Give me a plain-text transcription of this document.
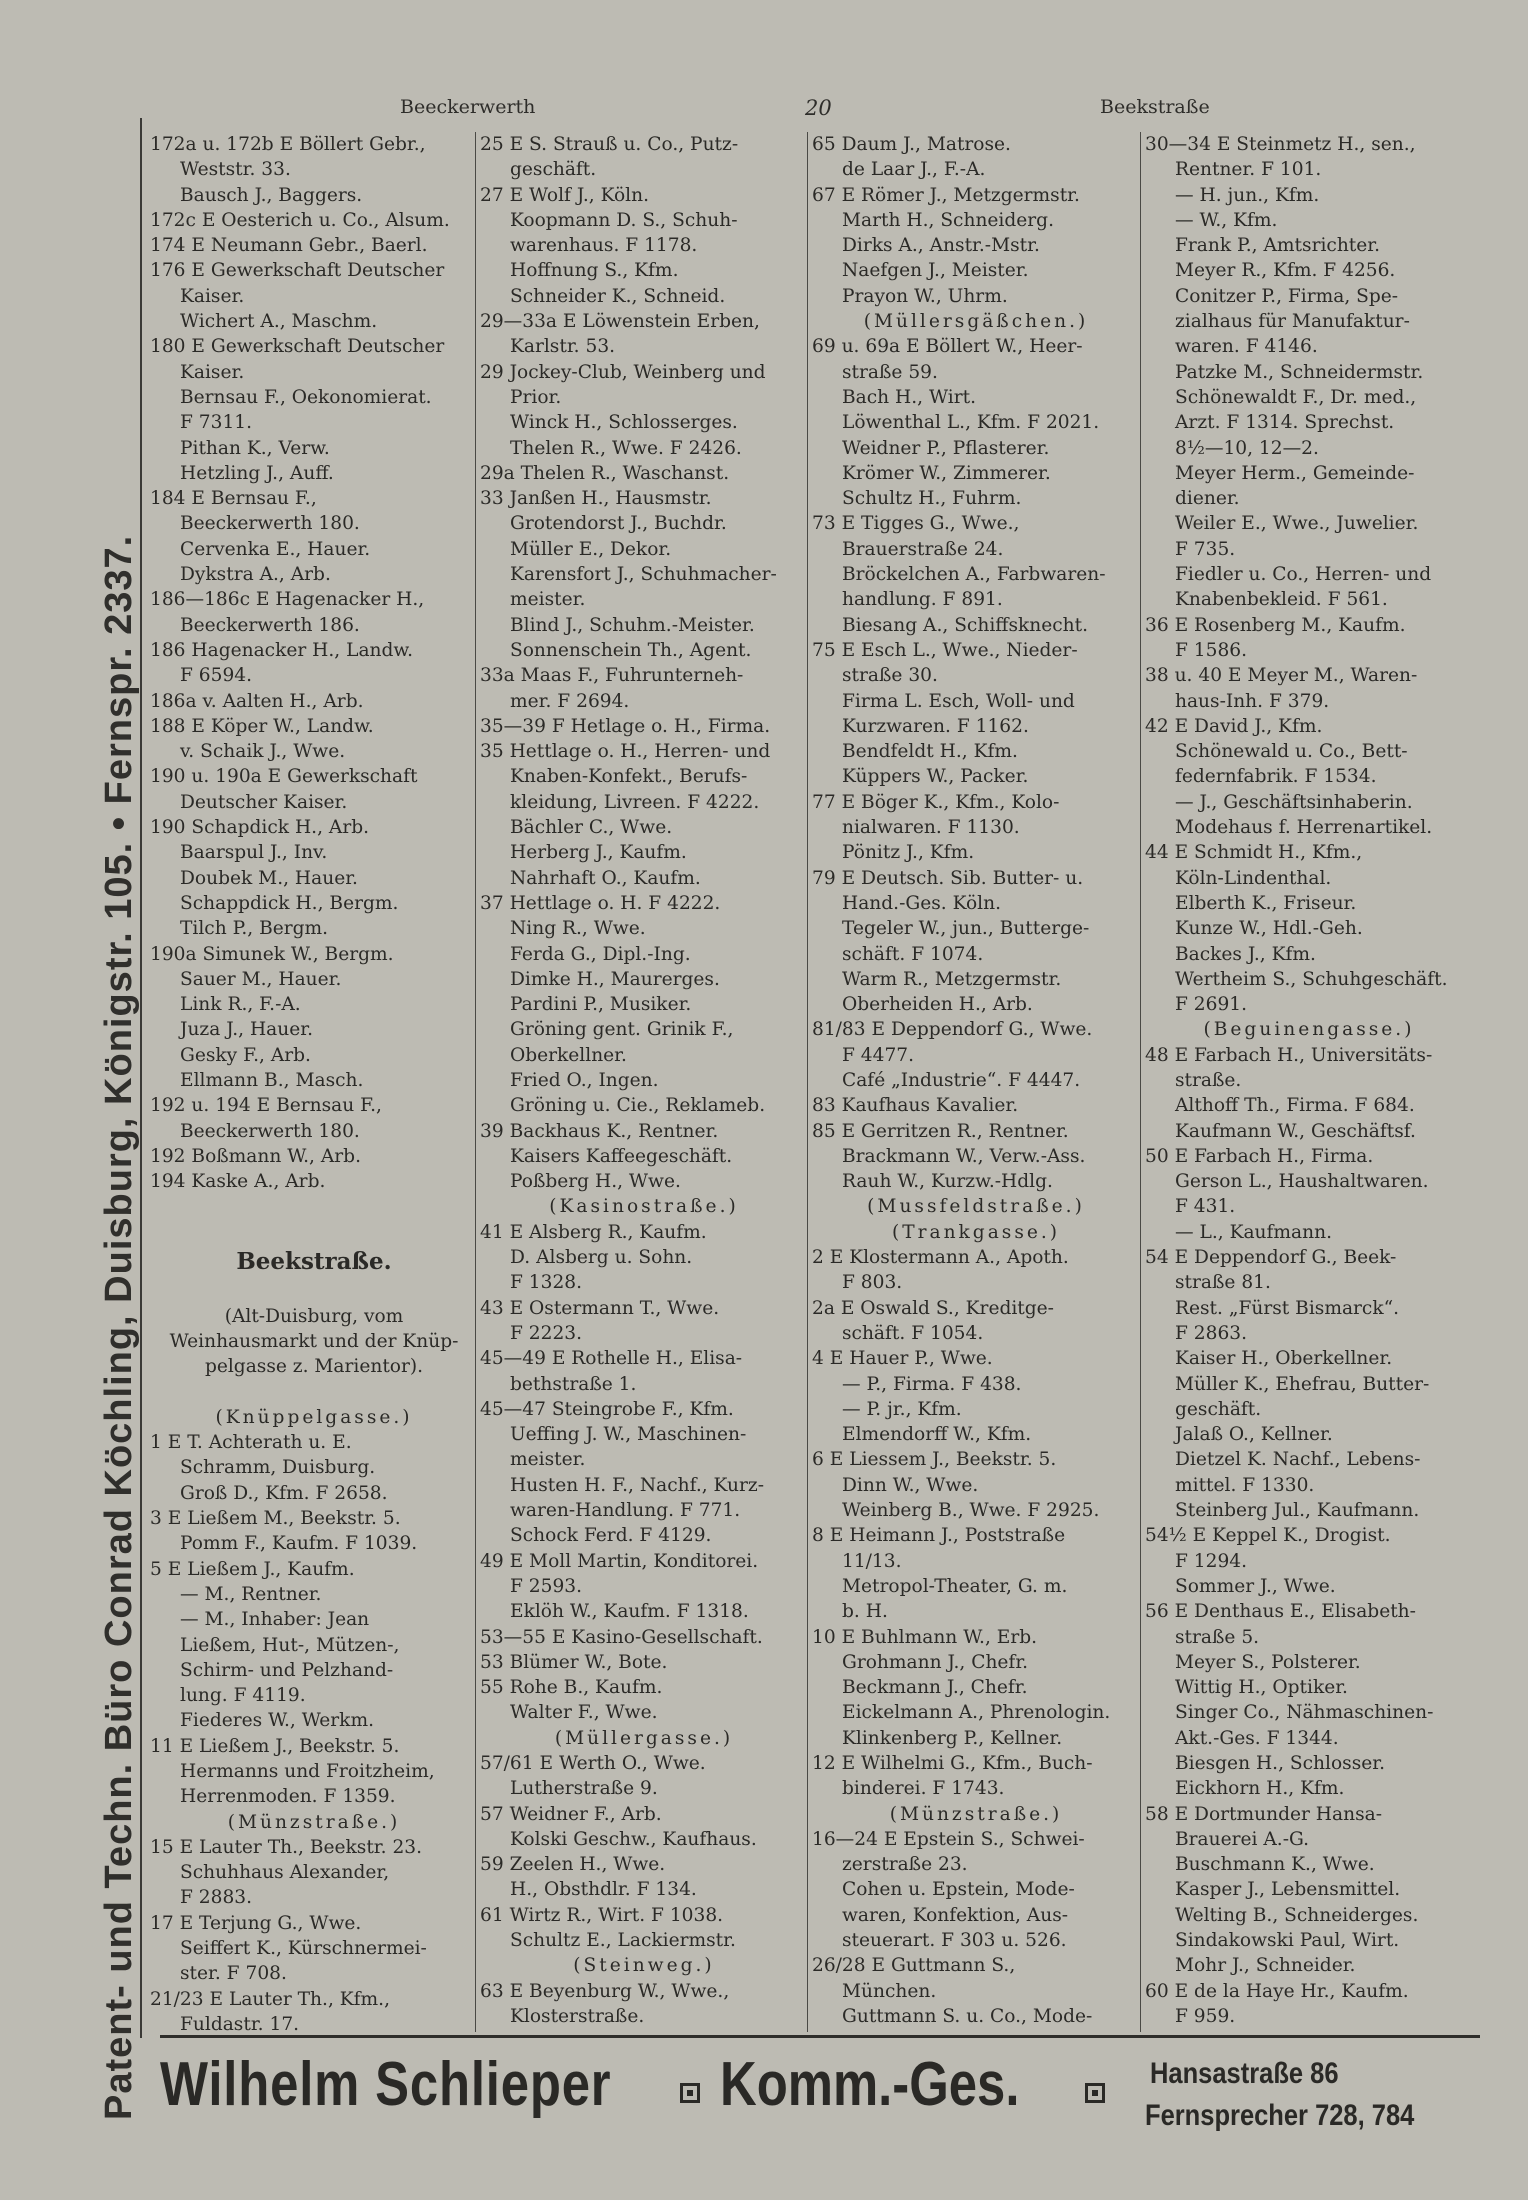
Patent- und Techn. Büro Conrad Köchling, Duisburg, Königstr. 105. • Fernspr. 2337.
Beeckerwerth	20	Beekstraße
172a u. 172b E Böllert Gebr.,
Weststr. 33.
Bausch J., Baggers.
172c E Oesterich u. Co., Alsum.
174 E Neumann Gebr., Baerl.
176 E Gewerkschaft Deutscher
Kaiser.
Wichert A., Maschm.
180 E Gewerkschaft Deutscher
Kaiser.
Bernsau F., Oekonomierat.
F 7311.
Pithan K., Verw.
Hetzling J., Auff.
184 E Bernsau F.,
Beeckerwerth 180.
Cervenka E., Hauer.
Dykstra A., Arb.
186—186c E Hagenacker H.,
Beeckerwerth 186.
186 Hagenacker H., Landw.
F 6594.
186a v. Aalten H., Arb.
188 E Köper W., Landw.
v. Schaik J., Wwe.
190 u. 190a E Gewerkschaft
Deutscher Kaiser.
190 Schapdick H., Arb.
Baarspul J., Inv.
Doubek M., Hauer.
Schappdick H., Bergm.
Tilch P., Bergm.
190a Simunek W., Bergm.
Sauer M., Hauer.
Link R., F.-A.
Juza J., Hauer.
Gesky F., Arb.
Ellmann B., Masch.
192 u. 194 E Bernsau F.,
Beeckerwerth 180.
192 Boßmann W., Arb.
194 Kaske A., Arb.
Beekstraße.
(Alt-Duisburg, vom
Weinhausmarkt und der Knüp-
pelgasse z. Marientor).
(Knüppelgasse.)
1 E T. Achterath u. E.
Schramm, Duisburg.
Groß D., Kfm. F 2658.
3 E Ließem M., Beekstr. 5.
Pomm F., Kaufm. F 1039.
5 E Ließem J., Kaufm.
— M., Rentner.
— M., Inhaber: Jean
Ließem, Hut-, Mützen-,
Schirm- und Pelzhand-
lung. F 4119.
Fiederes W., Werkm.
11 E Ließem J., Beekstr. 5.
Hermanns und Froitzheim,
Herrenmoden. F 1359.
(Münzstraße.)
15 E Lauter Th., Beekstr. 23.
Schuhhaus Alexander,
F 2883.
17 E Terjung G., Wwe.
Seiffert K., Kürschnermei-
ster. F 708.
21/23 E Lauter Th., Kfm.,
Fuldastr. 17.
25 E S. Strauß u. Co., Putz-
geschäft.
27 E Wolf J., Köln.
Koopmann D. S., Schuh-
warenhaus. F 1178.
Hoffnung S., Kfm.
Schneider K., Schneid.
29—33a E Löwenstein Erben,
Karlstr. 53.
29 Jockey-Club, Weinberg und
Prior.
Winck H., Schlosserges.
Thelen R., Wwe. F 2426.
29a Thelen R., Waschanst.
33 Janßen H., Hausmstr.
Grotendorst J., Buchdr.
Müller E., Dekor.
Karensfort J., Schuhmacher-
meister.
Blind J., Schuhm.-Meister.
Sonnenschein Th., Agent.
33a Maas F., Fuhrunterneh-
mer. F 2694.
35—39 F Hetlage o. H., Firma.
35 Hettlage o. H., Herren- und
Knaben-Konfekt., Berufs-
kleidung, Livreen. F 4222.
Bächler C., Wwe.
Herberg J., Kaufm.
Nahrhaft O., Kaufm.
37 Hettlage o. H. F 4222.
Ning R., Wwe.
Ferda G., Dipl.-Ing.
Dimke H., Maurerges.
Pardini P., Musiker.
Gröning gent. Grinik F.,
Oberkellner.
Fried O., Ingen.
Gröning u. Cie., Reklameb.
39 Backhaus K., Rentner.
Kaisers Kaffeegeschäft.
Poßberg H., Wwe.
(Kasinostraße.)
41 E Alsberg R., Kaufm.
D. Alsberg u. Sohn.
F 1328.
43 E Ostermann T., Wwe.
F 2223.
45—49 E Rothelle H., Elisa-
bethstraße 1.
45—47 Steingrobe F., Kfm.
Ueffing J. W., Maschinen-
meister.
Husten H. F., Nachf., Kurz-
waren-Handlung. F 771.
Schock Ferd. F 4129.
49 E Moll Martin, Konditorei.
F 2593.
Eklöh W., Kaufm. F 1318.
53—55 E Kasino-Gesellschaft.
53 Blümer W., Bote.
55 Rohe B., Kaufm.
Walter F., Wwe.
(Müllergasse.)
57/61 E Werth O., Wwe.
Lutherstraße 9.
57 Weidner F., Arb.
Kolski Geschw., Kaufhaus.
59 Zeelen H., Wwe.
H., Obsthdlr. F 134.
61 Wirtz R., Wirt. F 1038.
Schultz E., Lackiermstr.
(Steinweg.)
63 E Beyenburg W., Wwe.,
Klosterstraße.
65 Daum J., Matrose.
de Laar J., F.-A.
67 E Römer J., Metzgermstr.
Marth H., Schneiderg.
Dirks A., Anstr.-Mstr.
Naefgen J., Meister.
Prayon W., Uhrm.
(Müllersgäßchen.)
69 u. 69a E Böllert W., Heer-
straße 59.
Bach H., Wirt.
Löwenthal L., Kfm. F 2021.
Weidner P., Pflasterer.
Krömer W., Zimmerer.
Schultz H., Fuhrm.
73 E Tigges G., Wwe.,
Brauerstraße 24.
Bröckelchen A., Farbwaren-
handlung. F 891.
Biesang A., Schiffsknecht.
75 E Esch L., Wwe., Nieder-
straße 30.
Firma L. Esch, Woll- und
Kurzwaren. F 1162.
Bendfeldt H., Kfm.
Küppers W., Packer.
77 E Böger K., Kfm., Kolo-
nialwaren. F 1130.
Pönitz J., Kfm.
79 E Deutsch. Sib. Butter- u.
Hand.-Ges. Köln.
Tegeler W., jun., Butterge-
schäft. F 1074.
Warm R., Metzgermstr.
Oberheiden H., Arb.
81/83 E Deppendorf G., Wwe.
F 4477.
Café „Industrie“. F 4447.
83 Kaufhaus Kavalier.
85 E Gerritzen R., Rentner.
Brackmann W., Verw.-Ass.
Rauh W., Kurzw.-Hdlg.
(Mussfeldstraße.)
(Trankgasse.)
2 E Klostermann A., Apoth.
F 803.
2a E Oswald S., Kreditge-
schäft. F 1054.
4 E Hauer P., Wwe.
— P., Firma. F 438.
— P. jr., Kfm.
Elmendorff W., Kfm.
6 E Liessem J., Beekstr. 5.
Dinn W., Wwe.
Weinberg B., Wwe. F 2925.
8 E Heimann J., Poststraße
11/13.
Metropol-Theater, G. m.
b. H.
10 E Buhlmann W., Erb.
Grohmann J., Chefr.
Beckmann J., Chefr.
Eickelmann A., Phrenologin.
Klinkenberg P., Kellner.
12 E Wilhelmi G., Kfm., Buch-
binderei. F 1743.
(Münzstraße.)
16—24 E Epstein S., Schwei-
zerstraße 23.
Cohen u. Epstein, Mode-
waren, Konfektion, Aus-
steuerart. F 303 u. 526.
26/28 E Guttmann S.,
München.
Guttmann S. u. Co., Mode-
30—34 E Steinmetz H., sen.,
Rentner. F 101.
— H. jun., Kfm.
— W., Kfm.
Frank P., Amtsrichter.
Meyer R., Kfm. F 4256.
Conitzer P., Firma, Spe-
zialhaus für Manufaktur-
waren. F 4146.
Patzke M., Schneidermstr.
Schönewaldt F., Dr. med.,
Arzt. F 1314. Sprechst.
8½—10, 12—2.
Meyer Herm., Gemeinde-
diener.
Weiler E., Wwe., Juwelier.
F 735.
Fiedler u. Co., Herren- und
Knabenbekleid. F 561.
36 E Rosenberg M., Kaufm.
F 1586.
38 u. 40 E Meyer M., Waren-
haus-Inh. F 379.
42 E David J., Kfm.
Schönewald u. Co., Bett-
federnfabrik. F 1534.
— J., Geschäftsinhaberin.
Modehaus f. Herrenartikel.
44 E Schmidt H., Kfm.,
Köln-Lindenthal.
Elberth K., Friseur.
Kunze W., Hdl.-Geh.
Backes J., Kfm.
Wertheim S., Schuhgeschäft.
F 2691.
(Beguinengasse.)
48 E Farbach H., Universitäts-
straße.
Althoff Th., Firma. F 684.
Kaufmann W., Geschäftsf.
50 E Farbach H., Firma.
Gerson L., Haushaltwaren.
F 431.
— L., Kaufmann.
54 E Deppendorf G., Beek-
straße 81.
Rest. „Fürst Bismarck“.
F 2863.
Kaiser H., Oberkellner.
Müller K., Ehefrau, Butter-
geschäft.
Jalaß O., Kellner.
Dietzel K. Nachf., Lebens-
mittel. F 1330.
Steinberg Jul., Kaufmann.
54½ E Keppel K., Drogist.
F 1294.
Sommer J., Wwe.
56 E Denthaus E., Elisabeth-
straße 5.
Meyer S., Polsterer.
Wittig H., Optiker.
Singer Co., Nähmaschinen-
Akt.-Ges. F 1344.
Biesgen H., Schlosser.
Eickhorn H., Kfm.
58 E Dortmunder Hansa-
Brauerei A.-G.
Buschmann K., Wwe.
Kasper J., Lebensmittel.
Welting B., Schneiderges.
Sindakowski Paul, Wirt.
Mohr J., Schneider.
60 E de la Haye Hr., Kaufm.
F 959.
Wilhelm Schlieper Komm.-Ges.	Hansastraße 86
Fernsprecher 728, 784
